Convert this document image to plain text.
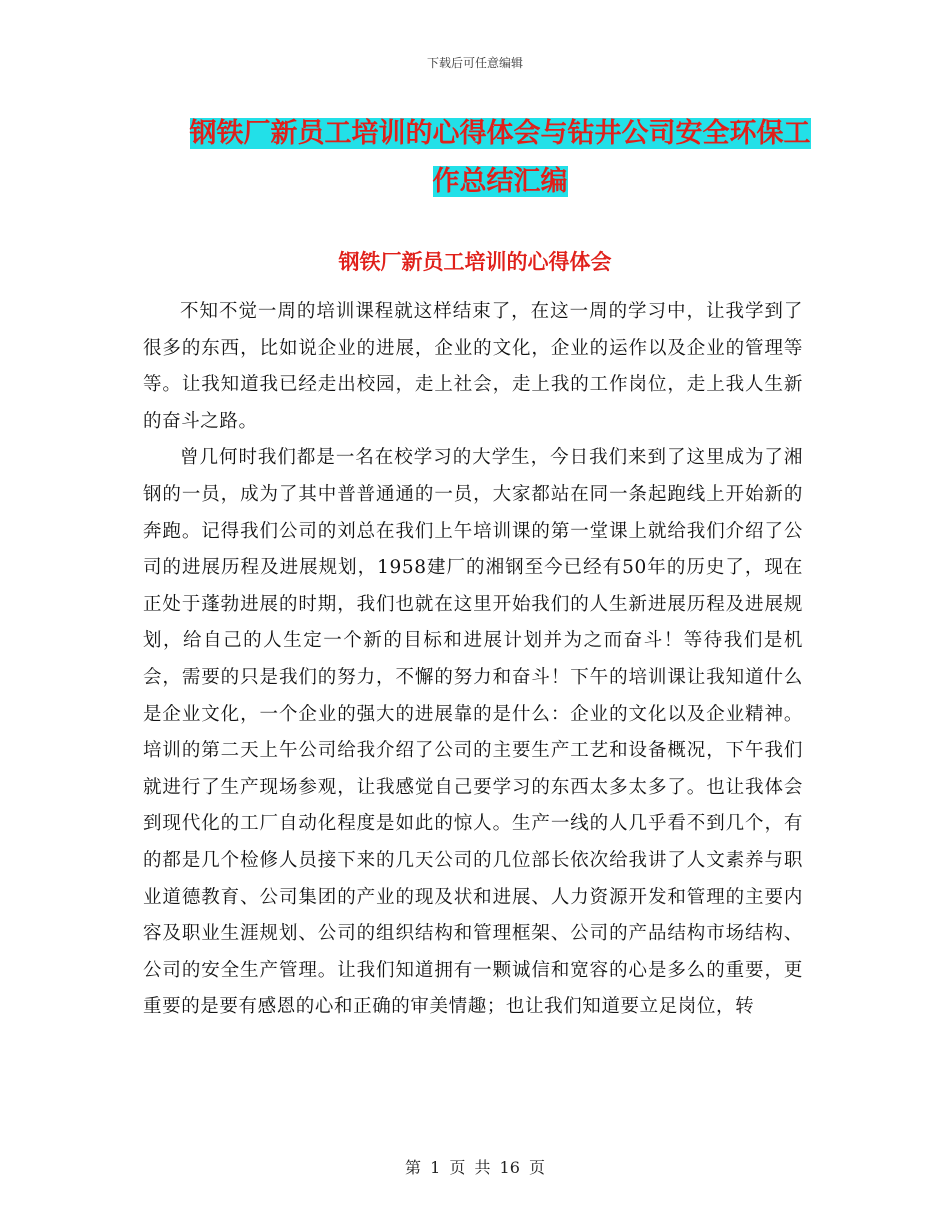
下载后可任意编辑
钢铁厂新员工培训的心得体会与钻井公司安全环保工
作总结汇编
钢铁厂新员工培训的心得体会

不知不觉一周的培训课程就这样结束了，在这一周的学习中，让我学到了很多的东西，比如说企业的进展，企业的文化，企业的运作以及企业的管理等等。让我知道我已经走出校园，走上社会，走上我的工作岗位，走上我人生新的奋斗之路。

曾几何时我们都是一名在校学习的大学生，今日我们来到了这里成为了湘钢的一员，成为了其中普普通通的一员，大家都站在同一条起跑线上开始新的奔跑。记得我们公司的刘总在我们上午培训课的第一堂课上就给我们介绍了公司的进展历程及进展规划，1958建厂的湘钢至今已经有50年的历史了，现在正处于蓬勃进展的时期，我们也就在这里开始我们的人生新进展历程及进展规划，给自己的人生定一个新的目标和进展计划并为之而奋斗！等待我们是机会，需要的只是我们的努力，不懈的努力和奋斗！下午的培训课让我知道什么是企业文化，一个企业的强大的进展靠的是什么：企业的文化以及企业精神。培训的第二天上午公司给我介绍了公司的主要生产工艺和设备概况，下午我们就进行了生产现场参观，让我感觉自己要学习的东西太多太多了。也让我体会到现代化的工厂自动化程度是如此的惊人。生产一线的人几乎看不到几个，有的都是几个检修人员接下来的几天公司的几位部长依次给我讲了人文素养与职业道德教育、公司集团的产业的现及状和进展、人力资源开发和管理的主要内容及职业生涯规划、公司的组织结构和管理框架、公司的产品结构市场结构、公司的安全生产管理。让我们知道拥有一颗诚信和宽容的心是多么的重要，更重要的是要有感恩的心和正确的审美情趣；也让我们知道要立足岗位，转

第 1 页 共 16 页
